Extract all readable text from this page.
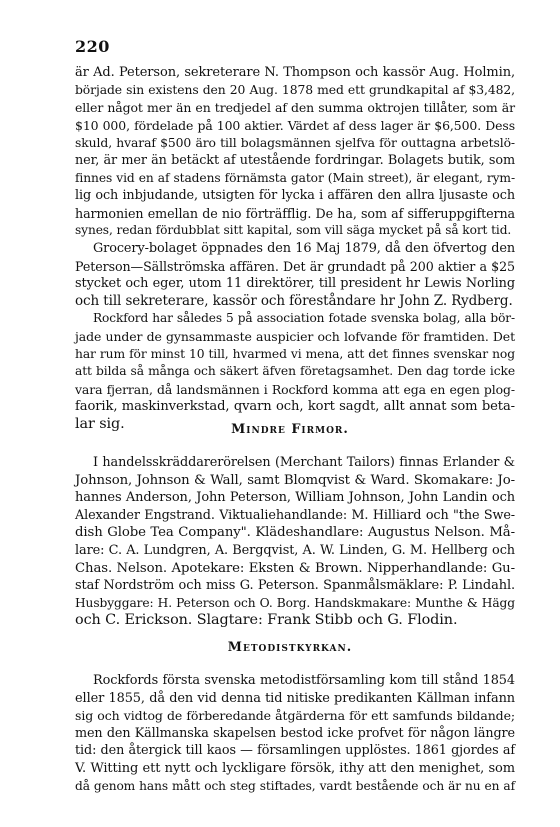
220
är Ad. Peterson, sekreterare N. Thompson och kassör Aug. Holmin,
började sin existens den 20 Aug. 1878 med ett grundkapital af $3,482,
eller något mer än en tredjedel af den summa oktrojen tillåter, som är
$10 000, fördelade på 100 aktier. Värdet af dess lager är $6,500. Dess
skuld, hvaraf $500 äro till bolagsmännen sjelfva för outtagna arbetslö-
ner, är mer än betäckt af utestående fordringar. Bolagets butik, som
finnes vid en af stadens förnämsta gator (Main street), är elegant, rym-
lig och inbjudande, utsigten för lycka i affären den allra ljusaste och
harmonien emellan de nio förträfflig. De ha, som af sifferuppgifterna
synes, redan fördubblat sitt kapital, som vill säga mycket på så kort tid.
Grocery-bolaget öppnades den 16 Maj 1879, då den öfvertog den
Peterson—Sällströmska affären. Det är grundadt på 200 aktier a $25
stycket och eger, utom 11 direktörer, till president hr Lewis Norling
och till sekreterare, kassör och föreståndare hr John Z. Rydberg.
Rockford har således 5 på association fotade svenska bolag, alla bör-
jade under de gynsammaste auspicier och lofvande för framtiden. Det
har rum för minst 10 till, hvarmed vi mena, att det finnes svenskar nog
att bilda så många och säkert äfven företagsamhet. Den dag torde icke
vara fjerran, då landsmännen i Rockford komma att ega en egen plog-
faorik, maskinverkstad, qvarn och, kort sagdt, allt annat som beta-
lar sig.	Mindre Firmor.
I handelsskräddarerörelsen (Merchant Tailors) finnas Erlander &
Johnson, Johnson & Wall, samt Blomqvist & Ward. Skomakare: Jo-
hannes Anderson, John Peterson, William Johnson, John Landin och
Alexander Engstrand. Viktualiehandlande: M. Hilliard och "the Swe-
dish Globe Tea Company". Klädeshandlare: Augustus Nelson. Må-
lare: C. A. Lundgren, A. Bergqvist, A. W. Linden, G. M. Hellberg och
Chas. Nelson. Apotekare: Eksten & Brown. Nipperhandlande: Gu-
staf Nordström och miss G. Peterson. Spanmålsmäklare: P. Lindahl.
Husbyggare: H. Peterson och O. Borg. Handskmakare: Munthe & Hägg
och C. Erickson. Slagtare: Frank Stibb och G. Flodin.
Metodistkyrkan.
Rockfords första svenska metodistförsamling kom till stånd 1854
eller 1855, då den vid denna tid nitiske predikanten Källman infann
sig och vidtog de förberedande åtgärderna för ett samfunds bildande;
men den Källmanska skapelsen bestod icke profvet för någon längre
tid: den återgick till kaos — församlingen upplöstes. 1861 gjordes af
V. Witting ett nytt och lyckligare försök, ithy att den menighet, som
då genom hans mått och steg stiftades, vardt bestående och är nu en af
